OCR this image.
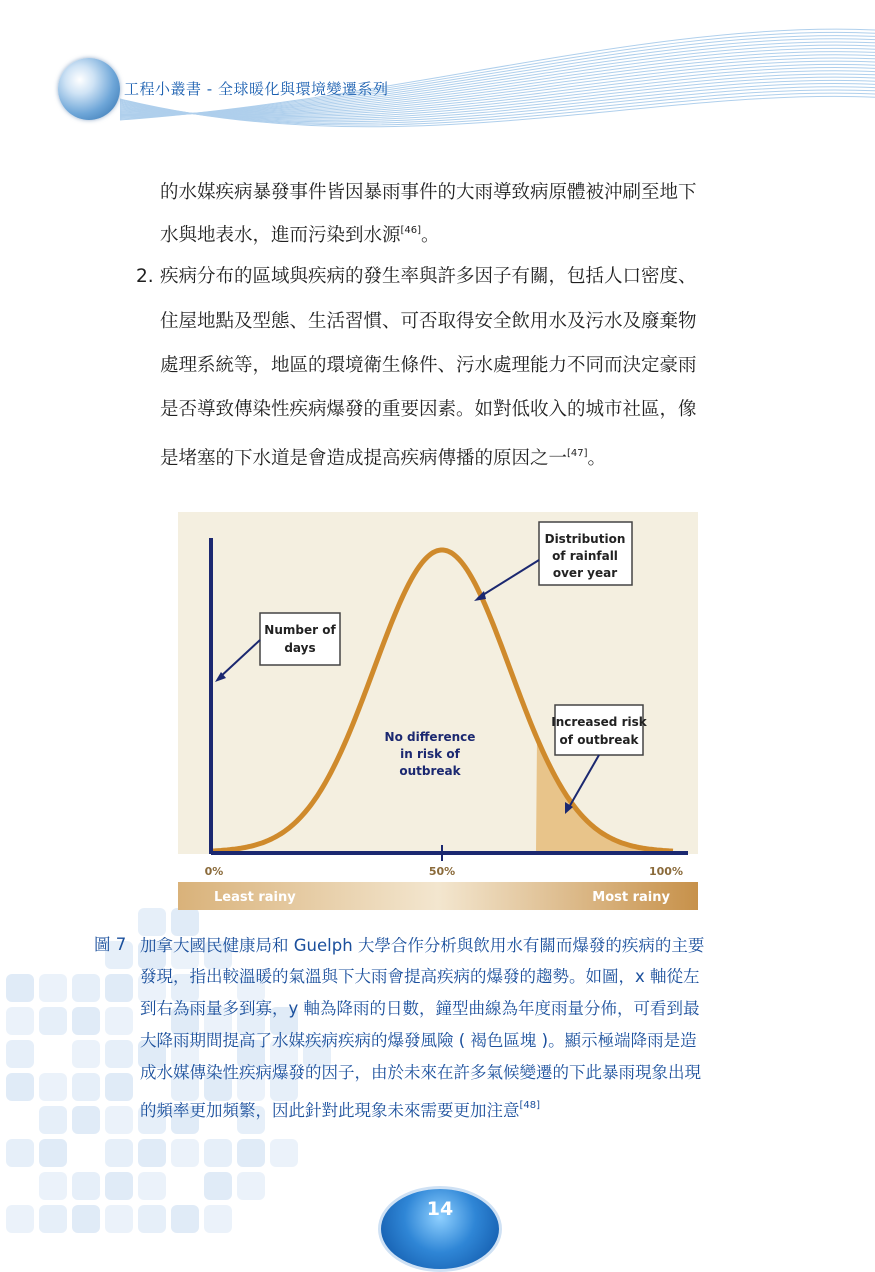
工程小叢書 - 全球暖化與環境變遷系列
的水媒疾病暴發事件皆因暴雨事件的大雨導致病原體被沖刷至地下
水與地表水，進而污染到水源[46]。
2. 疾病分布的區域與疾病的發生率與許多因子有關，包括人口密度、
住屋地點及型態、生活習慣、可否取得安全飲用水及污水及廢棄物
處理系統等，地區的環境衛生條件、污水處理能力不同而決定豪雨
是否導致傳染性疾病爆發的重要因素。如對低收入的城市社區，像
是堵塞的下水道是會造成提高疾病傳播的原因之一[47]。
Distribution
of rainfall
over year
Number of
days
Increased risk
of outbreak
No difference
in risk of
outbreak
0%	50%	100%
Least rainy	Most rainy
圖 7 加拿大國民健康局和 Guelph 大學合作分析與飲用水有關而爆發的疾病的主要
發現，指出較溫暖的氣溫與下大雨會提高疾病的爆發的趨勢。如圖，x 軸從左
到右為雨量多到寡，y 軸為降雨的日數，鐘型曲線為年度雨量分佈，可看到最
大降雨期間提高了水媒疾病疾病的爆發風險 ( 褐色區塊 )。顯示極端降雨是造
成水媒傳染性疾病爆發的因子，由於未來在許多氣候變遷的下此暴雨現象出現
的頻率更加頻繁，因此針對此現象未來需要更加注意[48]
14
